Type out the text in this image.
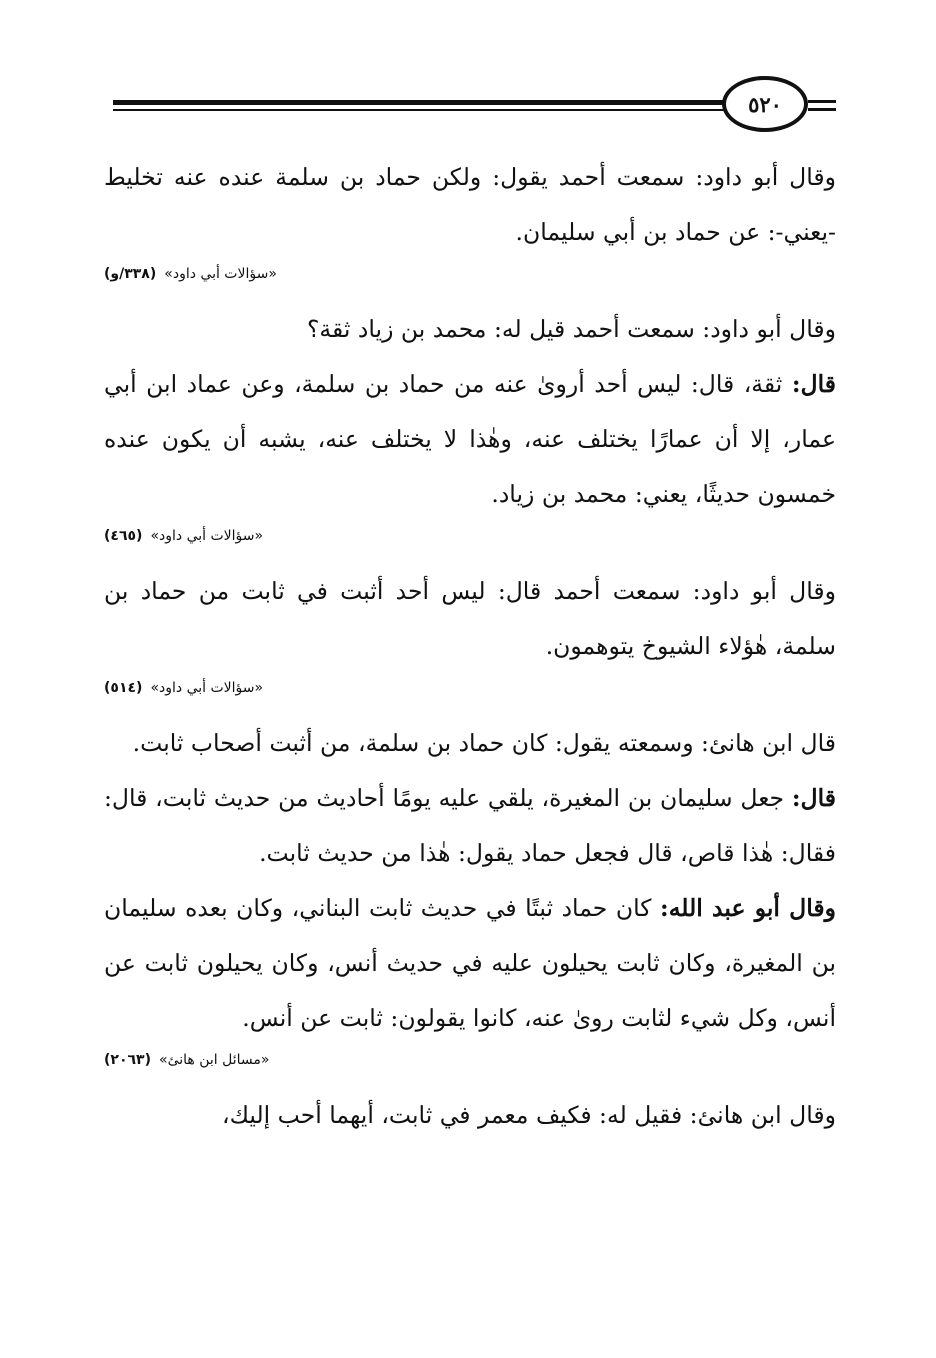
٥٢٠

وقال أبو داود: سمعت أحمد يقول: ولكن حماد بن سلمة عنده عنه تخليط -يعني-: عن حماد بن أبي سليمان.

«سؤالات أبي داود»(٣٣٨/و)

وقال أبو داود: سمعت أحمد قيل له: محمد بن زياد ثقة؟

قال: ثقة، قال: ليس أحد أروىٰ عنه من حماد بن سلمة، وعن عماد ابن أبي عمار، إلا أن عمارًا يختلف عنه، وهٰذا لا يختلف عنه، يشبه أن يكون عنده خمسون حديثًا، يعني: محمد بن زياد.

«سؤالات أبي داود»(٤٦٥)

وقال أبو داود: سمعت أحمد قال: ليس أحد أثبت في ثابت من حماد بن سلمة، هٰؤلاء الشيوخ يتوهمون.

«سؤالات أبي داود»(٥١٤)

قال ابن هانئ: وسمعته يقول: كان حماد بن سلمة، من أثبت أصحاب ثابت.

قال: جعل سليمان بن المغيرة، يلقي عليه يومًا أحاديث من حديث ثابت، قال: فقال: هٰذا قاص، قال فجعل حماد يقول: هٰذا من حديث ثابت.

وقال أبو عبد الله: كان حماد ثبتًا في حديث ثابت البناني، وكان بعده سليمان بن المغيرة، وكان ثابت يحيلون عليه في حديث أنس، وكان يحيلون ثابت عن أنس، وكل شيء لثابت روىٰ عنه، كانوا يقولون: ثابت عن أنس.

«مسائل ابن هانئ»(٢٠٦٣)

وقال ابن هانئ: فقيل له: فكيف معمر في ثابت، أيهما أحب إليك،
